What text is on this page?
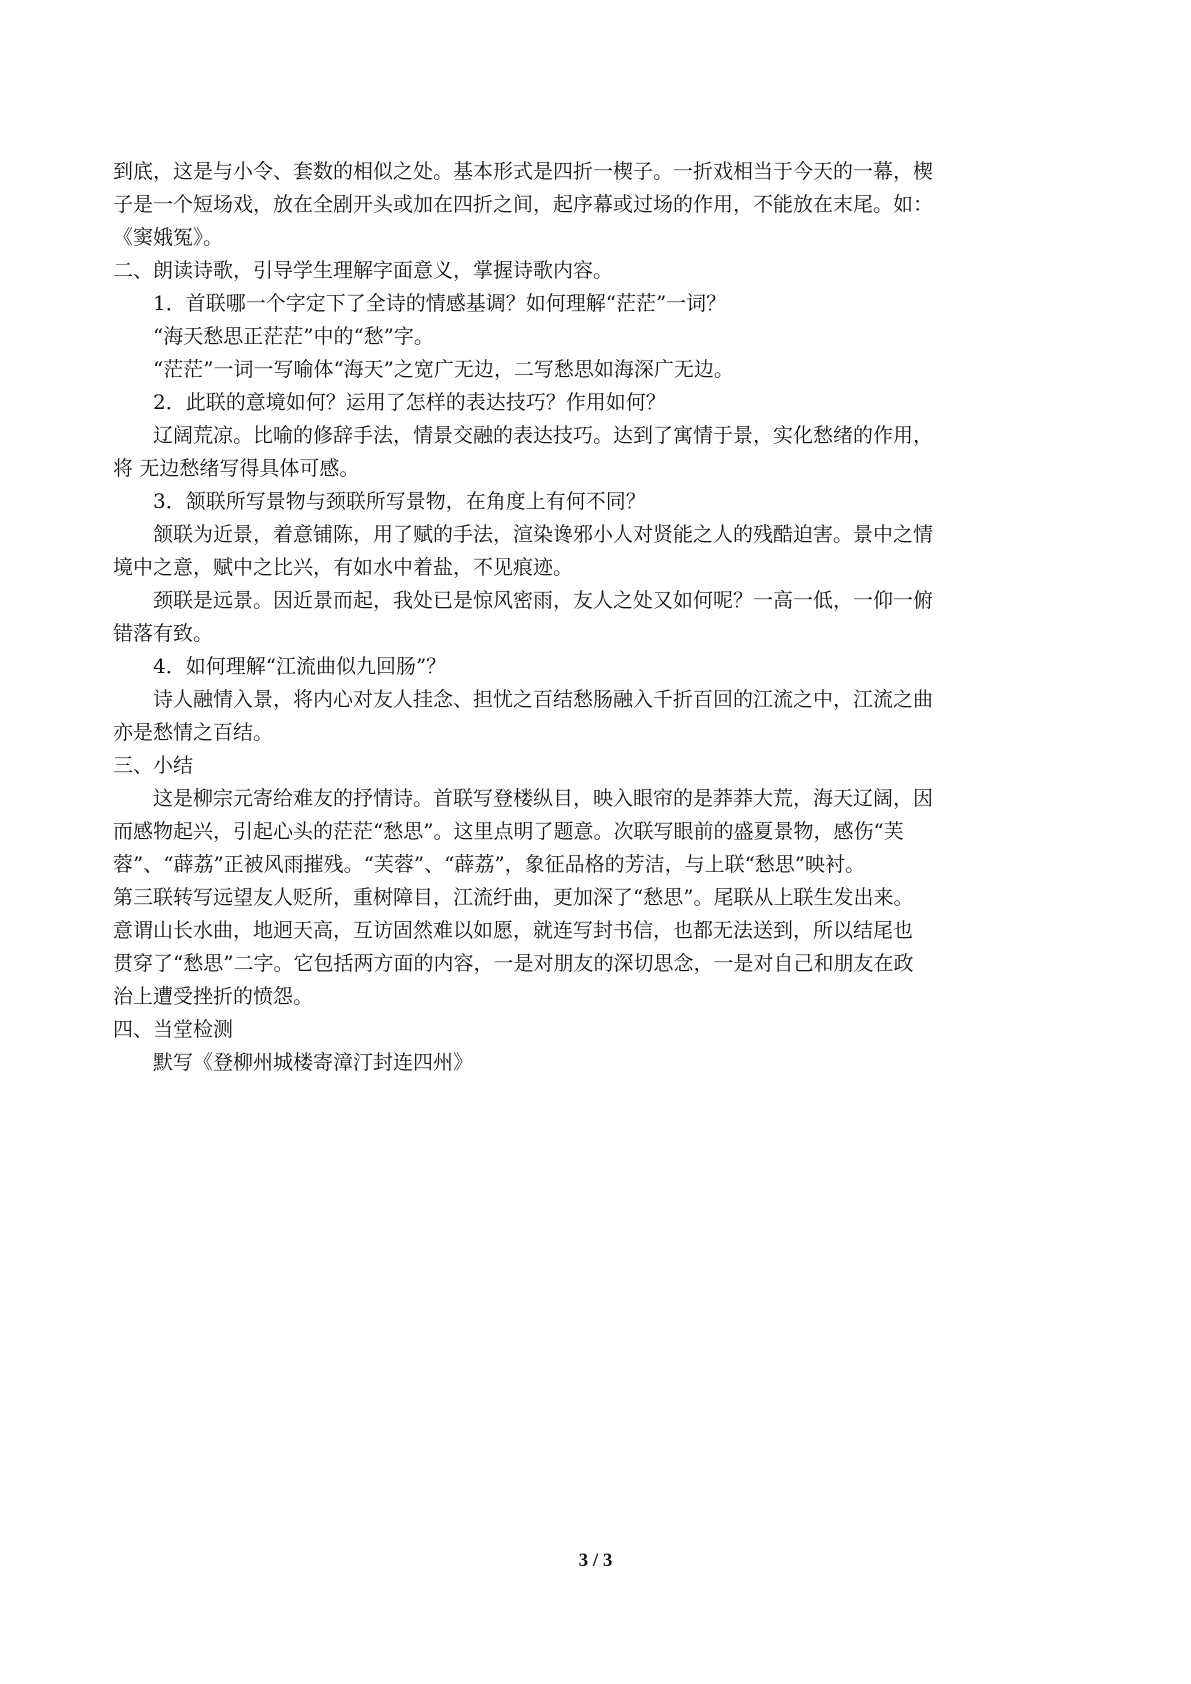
到底，这是与小令、套数的相似之处。基本形式是四折一楔子。一折戏相当于今天的一幕，楔
子是一个短场戏，放在全剧开头或加在四折之间，起序幕或过场的作用，不能放在末尾。如：
《窦娥冤》。

二、朗读诗歌，引导学生理解字面意义，掌握诗歌内容。

1．首联哪一个字定下了全诗的情感基调？如何理解“茫茫”一词？

“海天愁思正茫茫”中的“愁”字。

“茫茫”一词一写喻体“海天”之宽广无边，二写愁思如海深广无边。

2．此联的意境如何？运用了怎样的表达技巧？作用如何？

辽阔荒凉。比喻的修辞手法，情景交融的表达技巧。达到了寓情于景，实化愁绪的作用，
将 无边愁绪写得具体可感。

3．颔联所写景物与颈联所写景物，在角度上有何不同？

颔联为近景，着意铺陈，用了赋的手法，渲染谗邪小人对贤能之人的残酷迫害。景中之情
境中之意，赋中之比兴，有如水中着盐，不见痕迹。

颈联是远景。因近景而起，我处已是惊风密雨，友人之处又如何呢？一高一低，一仰一俯
错落有致。

4．如何理解“江流曲似九回肠”？

诗人融情入景，将内心对友人挂念、担忧之百结愁肠融入千折百回的江流之中，江流之曲
亦是愁情之百结。

三、小结

这是柳宗元寄给难友的抒情诗。首联写登楼纵目，映入眼帘的是莽莽大荒，海天辽阔，因
而感物起兴，引起心头的茫茫“愁思”。这里点明了题意。次联写眼前的盛夏景物，感伤“芙
蓉”、“薜荔”正被风雨摧残。“芙蓉”、“薜荔”，象征品格的芳洁，与上联“愁思”映衬。
第三联转写远望友人贬所，重树障目，江流纡曲，更加深了“愁思”。尾联从上联生发出来。
意谓山长水曲，地迥天高，互访固然难以如愿，就连写封书信，也都无法送到，所以结尾也
贯穿了“愁思”二字。它包括两方面的内容，一是对朋友的深切思念，一是对自己和朋友在政
治上遭受挫折的愤怨。

四、当堂检测

默写《登柳州城楼寄漳汀封连四州》

3 / 3
